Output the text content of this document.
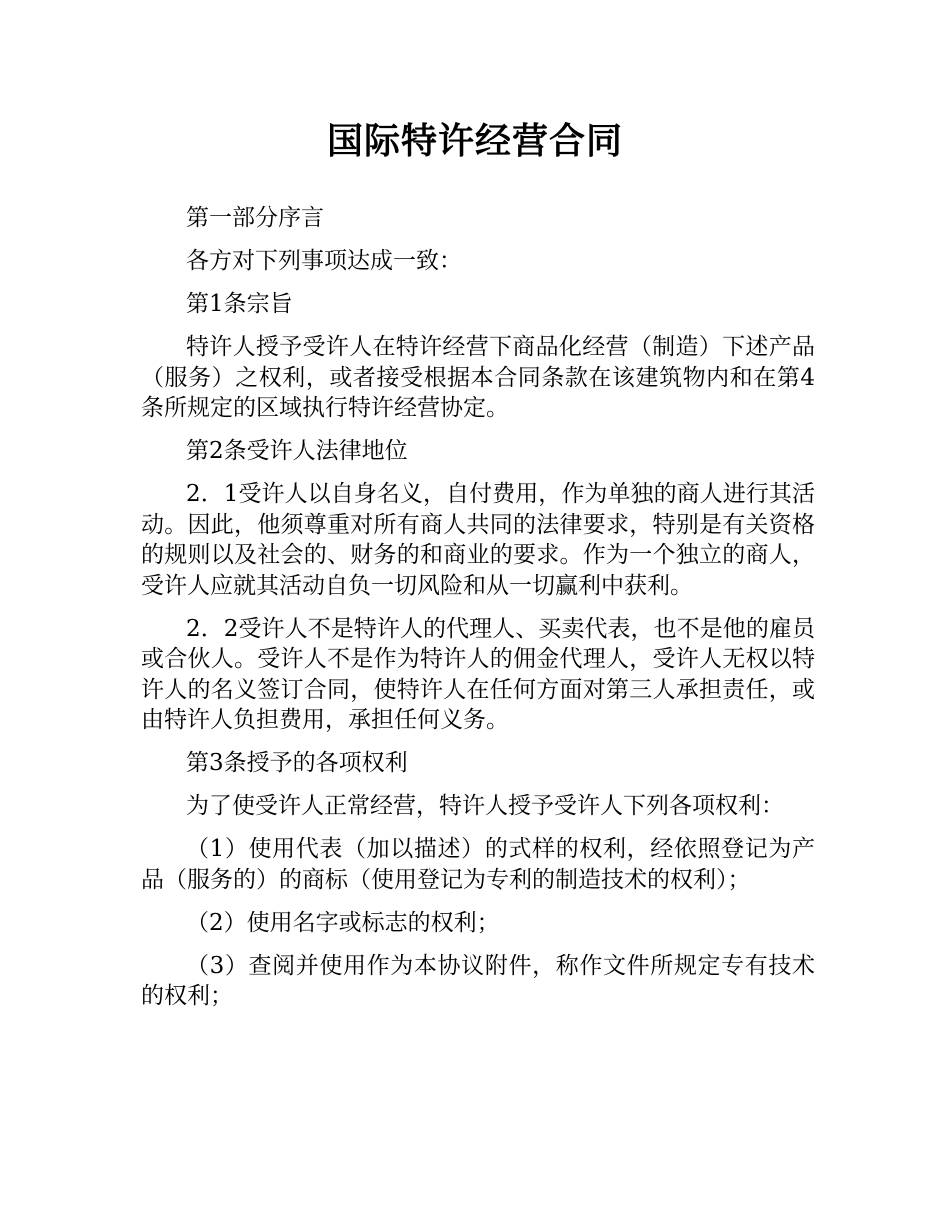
国际特许经营合同

第一部分序言

各方对下列事项达成一致：

第1条宗旨

特许人授予受许人在特许经营下商品化经营（制造）下述产品（服务）之权利，或者接受根据本合同条款在该建筑物内和在第4条所规定的区域执行特许经营协定。

第2条受许人法律地位

2．1受许人以自身名义，自付费用，作为单独的商人进行其活动。因此，他须尊重对所有商人共同的法律要求，特别是有关资格的规则以及社会的、财务的和商业的要求。作为一个独立的商人，受许人应就其活动自负一切风险和从一切赢利中获利。

2．2受许人不是特许人的代理人、买卖代表，也不是他的雇员或合伙人。受许人不是作为特许人的佣金代理人，受许人无权以特许人的名义签订合同，使特许人在任何方面对第三人承担责任，或由特许人负担费用，承担任何义务。

第3条授予的各项权利

为了使受许人正常经营，特许人授予受许人下列各项权利：

（1）使用代表（加以描述）的式样的权利，经依照登记为产品（服务的）的商标（使用登记为专利的制造技术的权利）；

（2）使用名字或标志的权利；

（3）查阅并使用作为本协议附件，称作文件所规定专有技术的权利；
